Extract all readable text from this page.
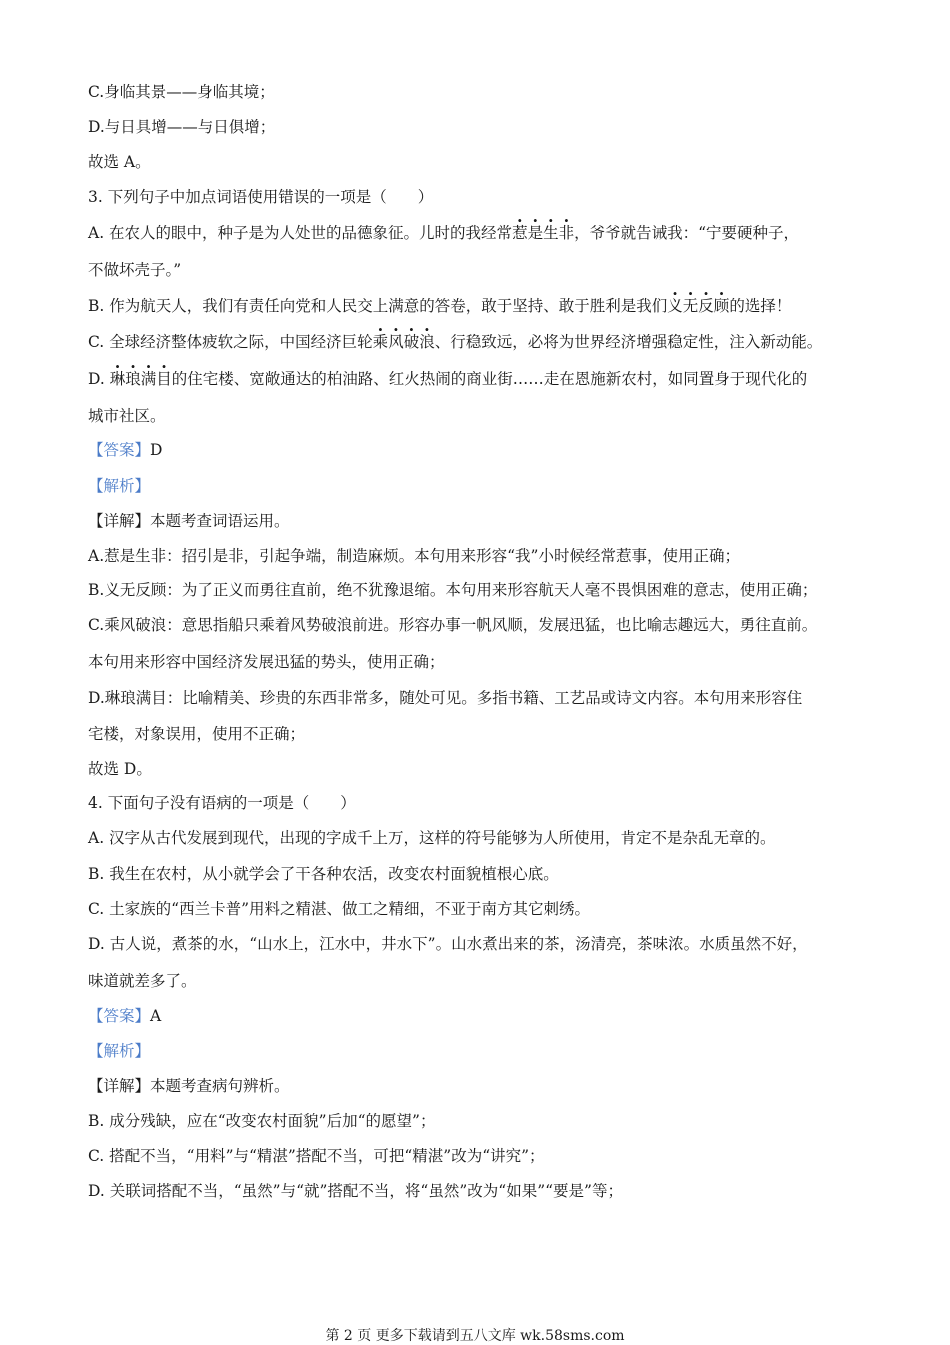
C.身临其景——身临其境；
D.与日具增——与日俱增；
故选 A。
3. 下列句子中加点词语使用错误的一项是（　　）
A. 在农人的眼中，种子是为人处世的品德象征。儿时的我经常惹是生非，爷爷就告诫我：“宁要硬种子，
不做坏壳子。”
B. 作为航天人，我们有责任向党和人民交上满意的答卷，敢于坚持、敢于胜利是我们义无反顾的选择！
C. 全球经济整体疲软之际，中国经济巨轮乘风破浪、行稳致远，必将为世界经济增强稳定性，注入新动能。
D. 琳琅满目的住宅楼、宽敞通达的柏油路、红火热闹的商业街……走在恩施新农村，如同置身于现代化的
城市社区。
【答案】D
【解析】
【详解】本题考查词语运用。
A.惹是生非：招引是非，引起争端，制造麻烦。本句用来形容“我”小时候经常惹事，使用正确；
B.义无反顾：为了正义而勇往直前，绝不犹豫退缩。本句用来形容航天人毫不畏惧困难的意志，使用正确；
C.乘风破浪：意思指船只乘着风势破浪前进。形容办事一帆风顺，发展迅猛，也比喻志趣远大，勇往直前。
本句用来形容中国经济发展迅猛的势头，使用正确；
D.琳琅满目：比喻精美、珍贵的东西非常多，随处可见。多指书籍、工艺品或诗文内容。本句用来形容住
宅楼，对象误用，使用不正确；
故选 D。
4. 下面句子没有语病的一项是（　　）
A. 汉字从古代发展到现代，出现的字成千上万，这样的符号能够为人所使用，肯定不是杂乱无章的。
B. 我生在农村，从小就学会了干各种农活，改变农村面貌植根心底。
C. 土家族的“西兰卡普”用料之精湛、做工之精细，不亚于南方其它刺绣。
D. 古人说，煮茶的水，“山水上，江水中，井水下”。山水煮出来的茶，汤清亮，茶味浓。水质虽然不好，
味道就差多了。
【答案】A
【解析】
【详解】本题考查病句辨析。
B. 成分残缺，应在“改变农村面貌”后加“的愿望”；
C. 搭配不当，“用料”与“精湛”搭配不当，可把“精湛”改为“讲究”；
D. 关联词搭配不当，“虽然”与“就”搭配不当，将“虽然”改为“如果”“要是”等；
第 2 页 更多下载请到五八文库 wk.58sms.com
